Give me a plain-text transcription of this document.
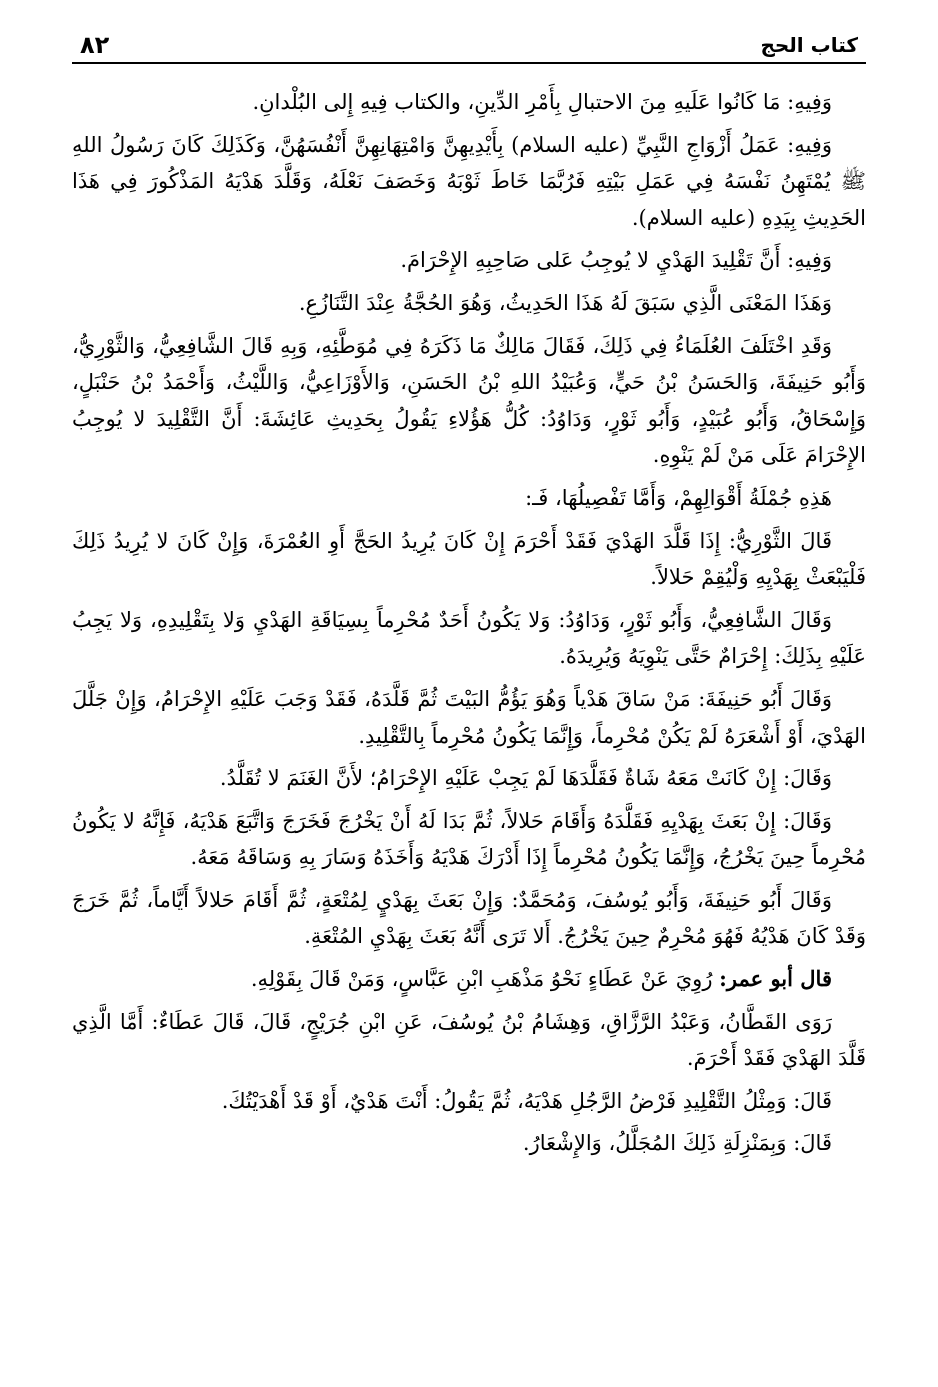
كتاب الحج
٨٢

وَفِيهِ: مَا كَانُوا عَلَيهِ مِنَ الاحتبالِ بِأَمْرِ الدِّينِ، والكتاب فِيهِ إِلى البُلْدانِ.

وَفِيهِ: عَمَلُ أَزْوَاجِ النَّبِيِّ (عليه السلام) بِأَيْدِيهِنَّ وَامْتِهَانِهِنَّ أَنْفُسَهُنَّ، وَكَذَلِكَ كَانَ رَسُولُ اللهِ ﷺ يُمْتَهِنُ نَفْسَهُ فِي عَمَلِ بَيْتِهِ فَرُبَّمَا خَاطَ ثَوْبَهُ وَخَصَفَ نَعْلَهُ، وَقَلَّدَ هَدْيَهُ المَذْكُورَ فِي هَذَا الحَدِيثِ بِيَدِهِ (عليه السلام).

وَفِيهِ: أَنَّ تَقْلِيدَ الهَدْيِ لا يُوجِبُ عَلى صَاحِبِهِ الإِحْرَامَ.

وَهَذَا المَعْنَى الَّذِي سَبَقَ لَهُ هَذَا الحَدِيثُ، وَهُوَ الحُجَّةُ عِنْدَ التَّنَازُعِ.

وَقَدِ اخْتَلَفَ العُلَمَاءُ فِي ذَلِكَ، فَقَالَ مَالِكٌ مَا ذَكَرَهُ فِي مُوَطَّئِهِ، وَبِهِ قَالَ الشَّافِعِيُّ، وَالثَّوْرِيُّ، وَأَبُو حَنِيفَةَ، وَالحَسَنُ بْنُ حَيٍّ، وَعُبَيْدُ اللهِ بْنُ الحَسَنِ، وَالأَوْزَاعِيُّ، وَاللَّيْثُ، وَأَحْمَدُ بْنُ حَنْبَلٍ، وَإِسْحَاقُ، وَأَبُو عُبَيْدٍ، وَأَبُو ثَوْرٍ، وَدَاوُدُ: كُلُّ هَؤُلاءِ يَقُولُ بِحَدِيثِ عَائِشَةَ: أَنَّ التَّقْلِيدَ لا يُوجِبُ الإِحْرَامَ عَلَى مَنْ لَمْ يَنْوِهِ.

هَذِهِ جُمْلَةُ أَقْوَالِهِمْ، وَأَمَّا تَفْصِيلُهَا، فَـ:

قَالَ الثَّوْرِيُّ: إِذَا قَلَّدَ الهَدْيَ فَقَدْ أَحْرَمَ إِنْ كَانَ يُرِيدُ الحَجَّ أَوِ العُمْرَةَ، وَإِنْ كَانَ لا يُرِيدُ ذَلِكَ فَلْيَبْعَثْ بِهَدْيِهِ وَلْيُقِمْ حَلالاً.

وَقَالَ الشَّافِعِيُّ، وَأَبُو ثَوْرٍ، وَدَاوُدُ: وَلا يَكُونُ أَحَدٌ مُحْرِماً بِسِيَاقَةِ الهَدْيِ وَلا بِتَقْلِيدِهِ، وَلا يَجِبُ عَلَيْهِ بِذَلِكَ: إِحْرَامٌ حَتَّى يَنْوِيَهُ وَيُرِيدَهُ.

وَقَالَ أَبُو حَنِيفَةَ: مَنْ سَاقَ هَدْياً وَهُوَ يَؤُمُّ البَيْتَ ثُمَّ قَلَّدَهُ، فَقَدْ وَجَبَ عَلَيْهِ الإِحْرَامُ، وَإِنْ جَلَّلَ الهَدْيَ، أَوْ أَشْعَرَهُ لَمْ يَكُنْ مُحْرِماً، وَإِنَّمَا يَكُونُ مُحْرِماً بِالتَّقْلِيدِ.

وَقَالَ: إِنْ كَانَتْ مَعَهُ شَاةٌ فَقَلَّدَهَا لَمْ يَجِبْ عَلَيْهِ الإِحْرَامُ؛ لأَنَّ الغَنَمَ لا تُقَلَّدُ.

وَقَالَ: إِنْ بَعَثَ بِهَدْيِهِ فَقَلَّدَهُ وَأَقَامَ حَلالاً، ثُمَّ بَدَا لَهُ أَنْ يَخْرُجَ فَخَرَجَ وَاتَّبَعَ هَدْيَهُ، فَإِنَّهُ لا يَكُونُ مُحْرِماً حِينَ يَخْرُجُ، وَإِنَّمَا يَكُونُ مُحْرِماً إِذَا أَدْرَكَ هَدْيَهُ وَأَخَذَهُ وَسَارَ بِهِ وَسَاقَهُ مَعَهُ.

وَقَالَ أَبُو حَنِيفَةَ، وَأَبُو يُوسُفَ، وَمُحَمَّدٌ: وَإِنْ بَعَثَ بِهَدْيٍ لِمُتْعَةٍ، ثُمَّ أَقَامَ حَلالاً أَيَّاماً، ثُمَّ خَرَجَ وَقَدْ كَانَ هَدْيُهُ فَهُوَ مُحْرِمٌ حِينَ يَخْرُجُ. أَلا تَرَى أَنَّهُ بَعَثَ بِهَدْيِ المُتْعَةِ.

قال أبو عمر: رُوِيَ عَنْ عَطَاءٍ نَحْوُ مَذْهَبِ ابْنِ عَبَّاسٍ، وَمَنْ قَالَ بِقَوْلِهِ.

رَوَى القَطَّانُ، وَعَبْدُ الرَّزَّاقِ، وَهِشَامُ بْنُ يُوسُفَ، عَنِ ابْنِ جُرَيْجٍ، قَالَ، قَالَ عَطَاءٌ: أَمَّا الَّذِي قَلَّدَ الهَدْيَ فَقَدْ أَحْرَمَ.

قَالَ: وَمِثْلُ التَّقْلِيدِ فَرْضُ الرَّجُلِ هَدْيَهُ، ثُمَّ يَقُولُ: أَنْتَ هَدْيٌ، أَوْ قَدْ أَهْدَيْتُكَ.

قَالَ: وَبِمَنْزِلَةِ ذَلِكَ المُجَلَّلُ، وَالإِشْعَارُ.
